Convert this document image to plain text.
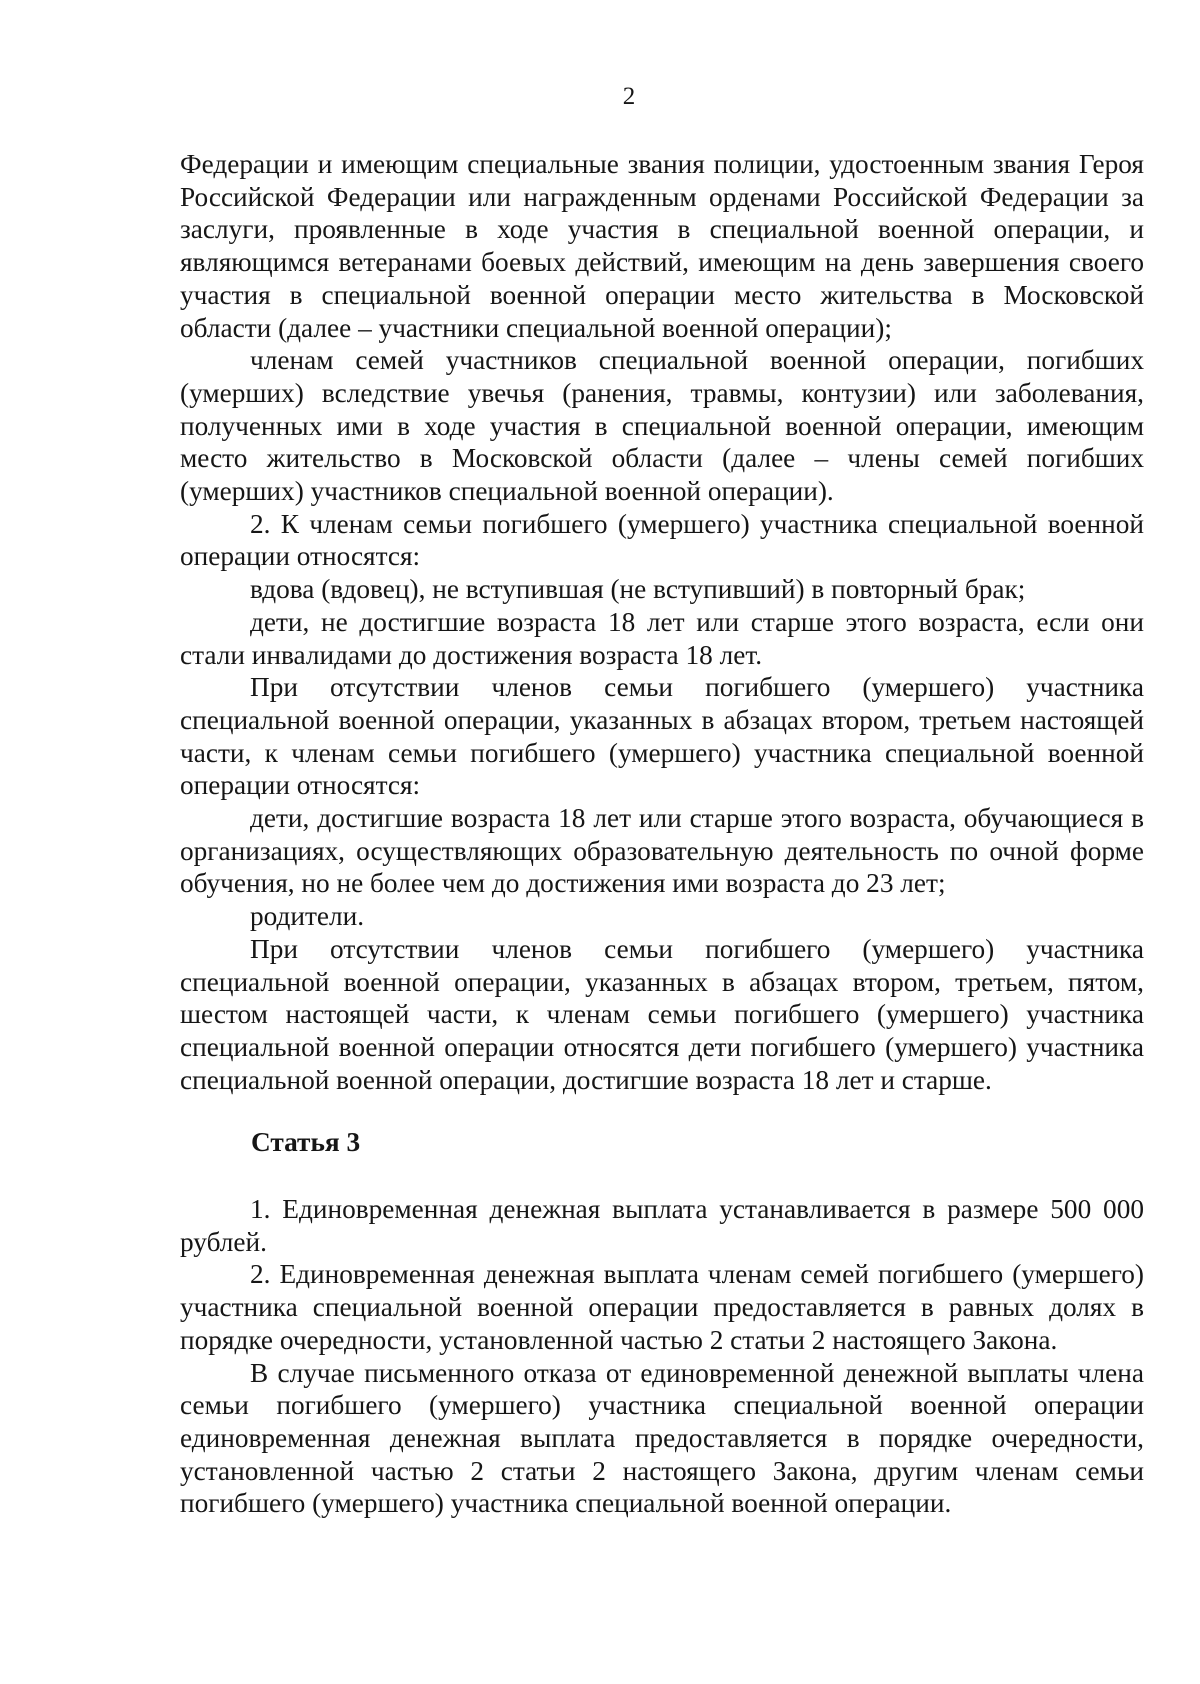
2

Федерации и имеющим специальные звания полиции, удостоенным звания Героя Российской Федерации или награжденным орденами Российской Федерации за заслуги, проявленные в ходе участия в специальной военной операции, и являющимся ветеранами боевых действий, имеющим на день завершения своего участия в специальной военной операции место жительства в Московской области (далее – участники специальной военной операции);

членам семей участников специальной военной операции, погибших (умерших) вследствие увечья (ранения, травмы, контузии) или заболевания, полученных ими в ходе участия в специальной военной операции, имеющим место жительство в Московской области (далее – члены семей погибших (умерших) участников специальной военной операции).

2. К членам семьи погибшего (умершего) участника специальной военной операции относятся:

вдова (вдовец), не вступившая (не вступивший) в повторный брак;

дети, не достигшие возраста 18 лет или старше этого возраста, если они стали инвалидами до достижения возраста 18 лет.

При отсутствии членов семьи погибшего (умершего) участника специальной военной операции, указанных в абзацах втором, третьем настоящей части, к членам семьи погибшего (умершего) участника специальной военной операции относятся:

дети, достигшие возраста 18 лет или старше этого возраста, обучающиеся в организациях, осуществляющих образовательную деятельность по очной форме обучения, но не более чем до достижения ими возраста до 23 лет;

родители.

При отсутствии членов семьи погибшего (умершего) участника специальной военной операции, указанных в абзацах втором, третьем, пятом, шестом настоящей части, к членам семьи погибшего (умершего) участника специальной военной операции относятся дети погибшего (умершего) участника специальной военной операции, достигшие возраста 18 лет и старше.

Статья 3

1. Единовременная денежная выплата устанавливается в размере 500 000 рублей.

2. Единовременная денежная выплата членам семей погибшего (умершего) участника специальной военной операции предоставляется в равных долях в порядке очередности, установленной частью 2 статьи 2 настоящего Закона.

В случае письменного отказа от единовременной денежной выплаты члена семьи погибшего (умершего) участника специальной военной операции единовременная денежная выплата предоставляется в порядке очередности, установленной частью 2 статьи 2 настоящего Закона, другим членам семьи погибшего (умершего) участника специальной военной операции.
